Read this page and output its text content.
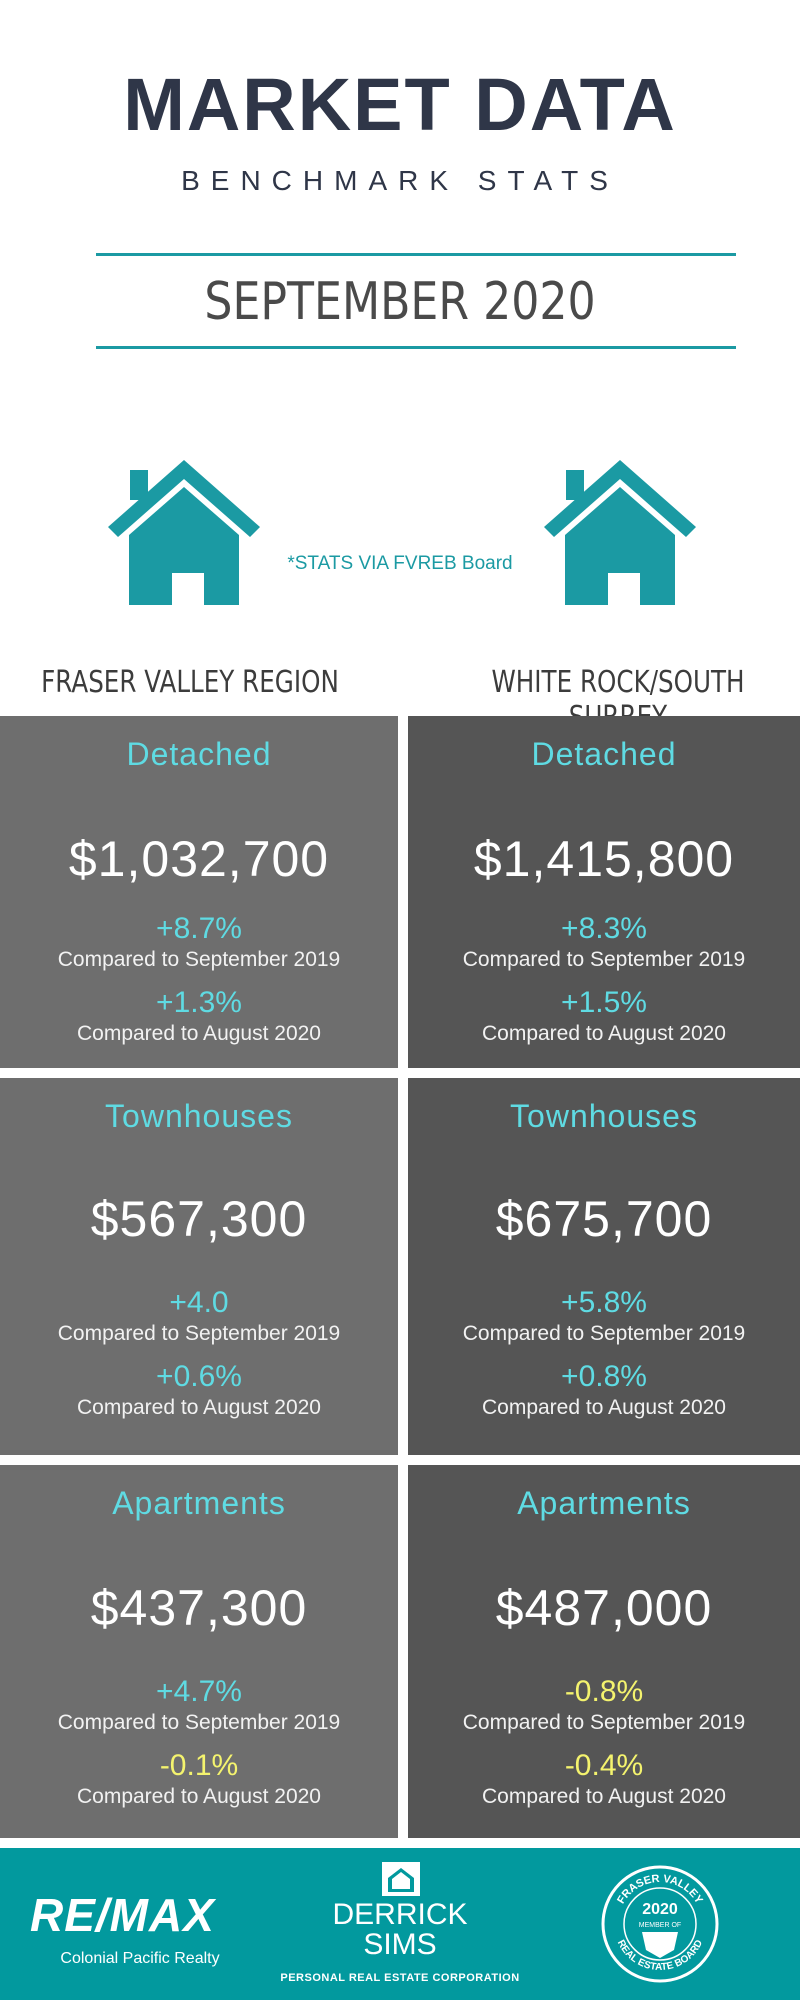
MARKET DATA
BENCHMARK STATS
SEPTEMBER 2020
*STATS VIA FVREB Board
FRASER VALLEY REGION	WHITE ROCK/SOUTH
Detached
$1,032,700
+8.7%
Compared to September 2019
+1.3%
Compared to August 2020
Townhouses
$567,300
+4.0
Compared to September 2019
+0.6%
Compared to August 2020
Apartments
$437,300
+4.7%
Compared to September 2019
-0.1%
Compared to August 2020
Detached
$1,415,800
+8.3%
Compared to September 2019
+1.5%
Compared to August 2020
Townhouses
$675,700
+5.8%
Compared to September 2019
+0.8%
Compared to August 2020
Apartments
$487,000
-0.8%
Compared to September 2019
-0.4%
Compared to August 2020
RE/MAX
Colonial Pacific Realty
DERRICK
SIMS
PERSONAL REAL ESTATE CORPORATION
FRASER VALLEY
REAL ESTATE BOARD
2020
MEMBER OF
